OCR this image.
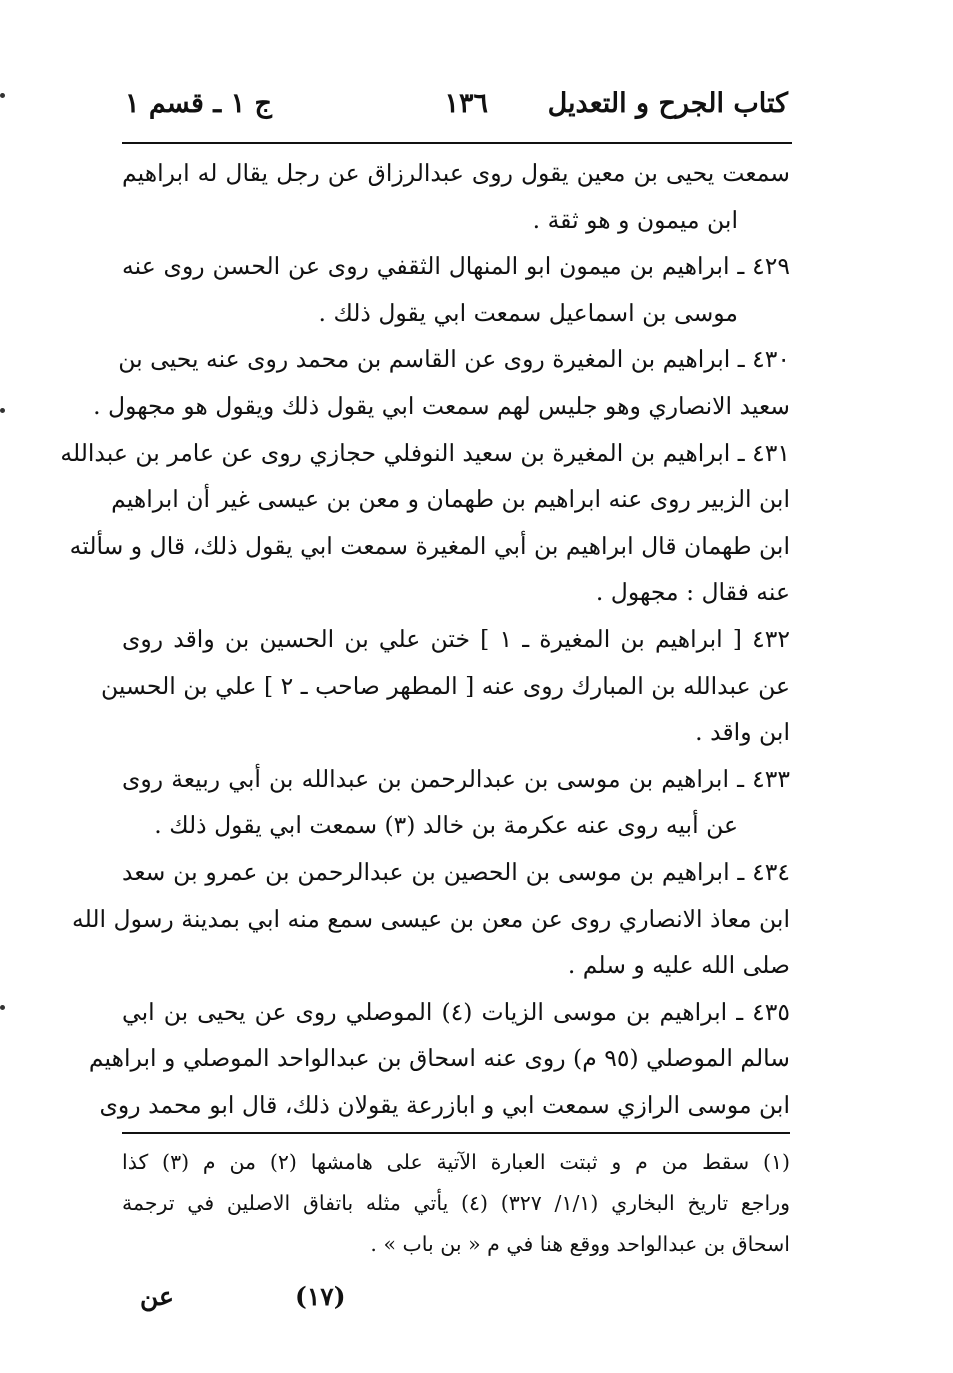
كتاب الجرح و التعديل
١٣٦
ج ١ ـ قسم ١
سمعت يحيى بن معين يقول روى عبدالرزاق عن رجل يقال له ابراهيم
ابن ميمون و هو ثقة .
٤٢٩ ـ ابراهيم بن ميمون ابو المنهال الثقفي روى عن الحسن روى عنه
موسى بن اسماعيل سمعت ابي يقول ذلك .
٤٣٠ ـ ابراهيم بن المغيرة روى عن القاسم بن محمد روى عنه يحيى بن
سعيد الانصاري وهو جليس لهم سمعت ابي يقول ذلك ويقول هو مجهول .
٤٣١ ـ ابراهيم بن المغيرة بن سعيد النوفلي حجازي روى عن عامر بن عبدالله
ابن الزبير روى عنه ابراهيم بن طهمان و معن بن عيسى غير أن ابراهيم
ابن طهمان قال ابراهيم بن أبي المغيرة سمعت ابي يقول ذلك، قال و سألته
عنه فقال : مجهول .
٤٣٢ [ ابراهيم بن المغيرة ـ ١ ] ختن علي بن الحسين بن واقد روى
عن عبدالله بن المبارك روى عنه [ المطهر صاحب ـ ٢ ] علي بن الحسين
ابن واقد .
٤٣٣ ـ ابراهيم بن موسى بن عبدالرحمن بن عبدالله بن أبي ربيعة روى
عن أبيه روى عنه عكرمة بن خالد (٣) سمعت ابي يقول ذلك .
٤٣٤ ـ ابراهيم بن موسى بن الحصين بن عبدالرحمن بن عمرو بن سعد
ابن معاذ الانصاري روى عن معن بن عيسى سمع منه ابي بمدينة رسول الله
صلى الله عليه و سلم .
٤٣٥ ـ ابراهيم بن موسى الزيات (٤) الموصلي روى عن يحيى بن ابي
سالم الموصلي (٩٥ م) روى عنه اسحاق بن عبدالواحد الموصلي و ابراهيم
ابن موسى الرازي سمعت ابي و ابازرعة يقولان ذلك، قال ابو محمد روى
(١) سقط من م و ثبتت العبارة الآتية على هامشها (٢) من م (٣) كذا
وراجع تاريخ البخاري (١/١/ ٣٢٧) (٤) يأتي مثله باتفاق الاصلين في ترجمة
اسحاق بن عبدالواحد ووقع هنا في م « بن باب » .
عن	(١٧)
